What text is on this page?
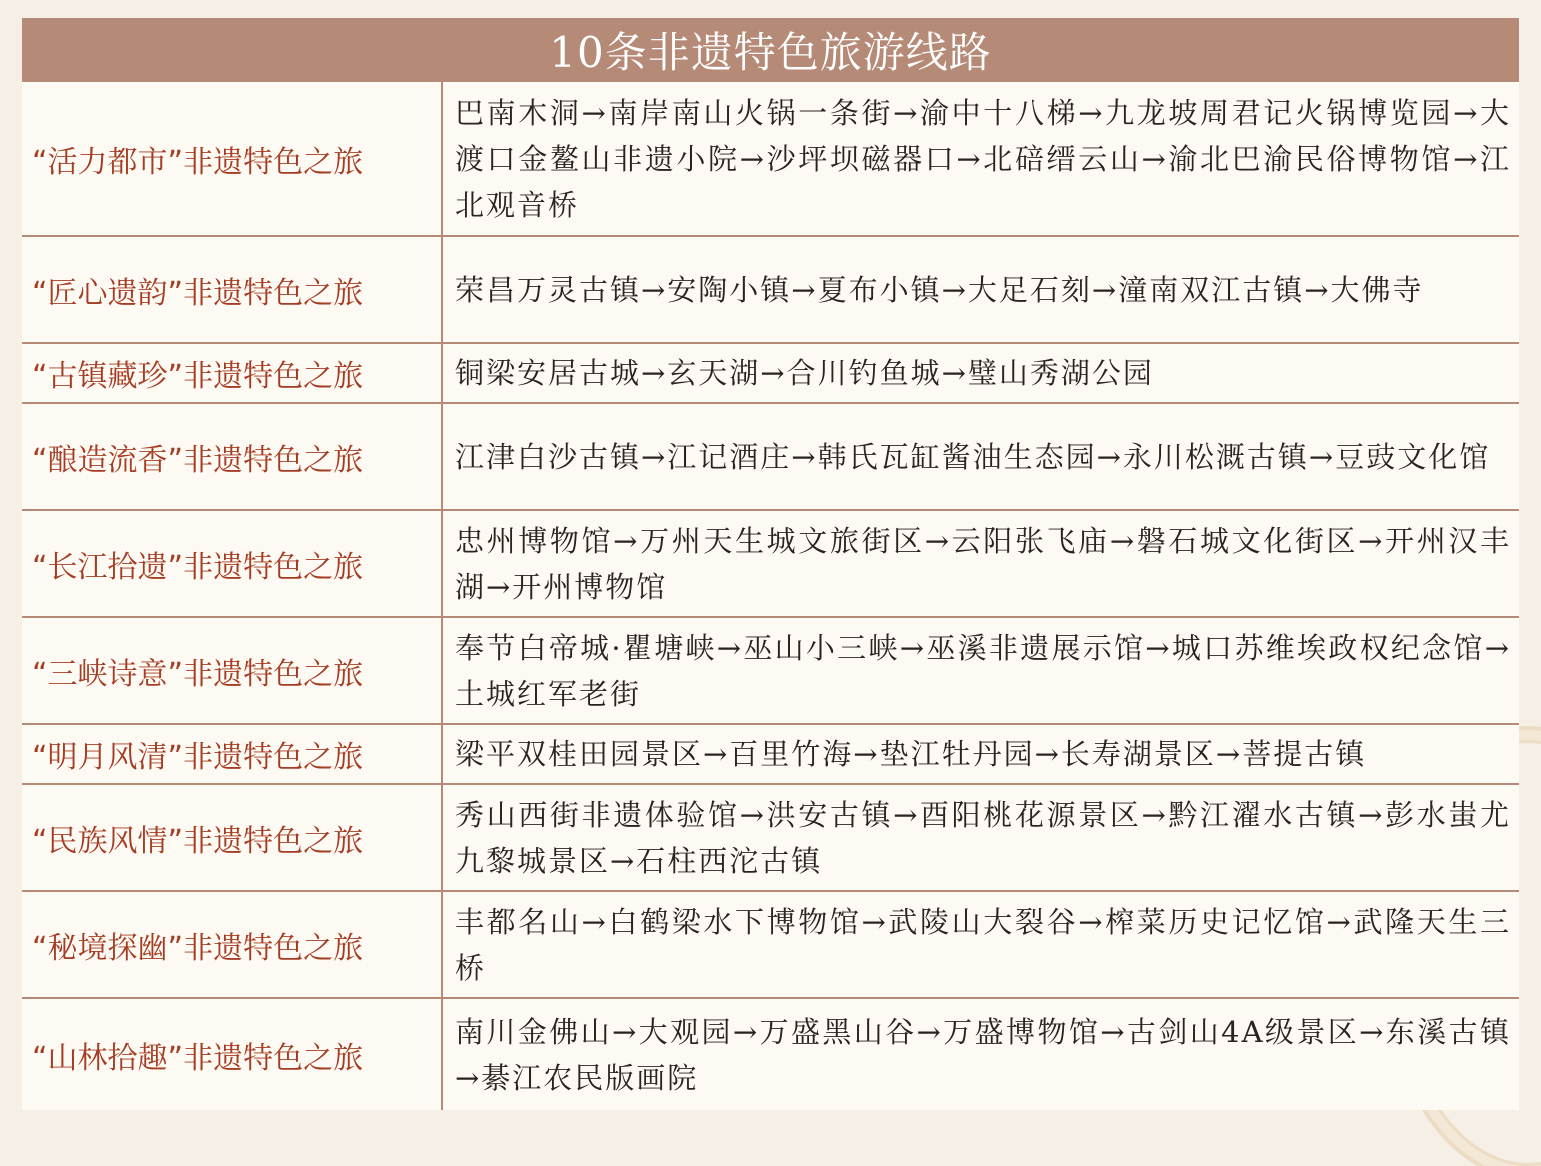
10条非遗特色旅游线路
“活力都市”非遗特色之旅	巴南木洞→南岸南山火锅一条街→渝中十八梯→九龙坡周君记火锅博览园→大渡口金鳌山非遗小院→沙坪坝磁器口→北碚缙云山→渝北巴渝民俗博物馆→江北观音桥
“匠心遗韵”非遗特色之旅	荣昌万灵古镇→安陶小镇→夏布小镇→大足石刻→潼南双江古镇→大佛寺
“古镇藏珍”非遗特色之旅	铜梁安居古城→玄天湖→合川钓鱼城→璧山秀湖公园
“酿造流香”非遗特色之旅	江津白沙古镇→江记酒庄→韩氏瓦缸酱油生态园→永川松溉古镇→豆豉文化馆
“长江拾遗”非遗特色之旅	忠州博物馆→万州天生城文旅街区→云阳张飞庙→磐石城文化街区→开州汉丰湖→开州博物馆
“三峡诗意”非遗特色之旅	奉节白帝城·瞿塘峡→巫山小三峡→巫溪非遗展示馆→城口苏维埃政权纪念馆→土城红军老街
“明月风清”非遗特色之旅	梁平双桂田园景区→百里竹海→垫江牡丹园→长寿湖景区→菩提古镇
“民族风情”非遗特色之旅	秀山西街非遗体验馆→洪安古镇→酉阳桃花源景区→黔江濯水古镇→彭水蚩尤九黎城景区→石柱西沱古镇
“秘境探幽”非遗特色之旅	丰都名山→白鹤梁水下博物馆→武陵山大裂谷→榨菜历史记忆馆→武隆天生三桥
“山林拾趣”非遗特色之旅	南川金佛山→大观园→万盛黑山谷→万盛博物馆→古剑山4A级景区→东溪古镇→綦江农民版画院
